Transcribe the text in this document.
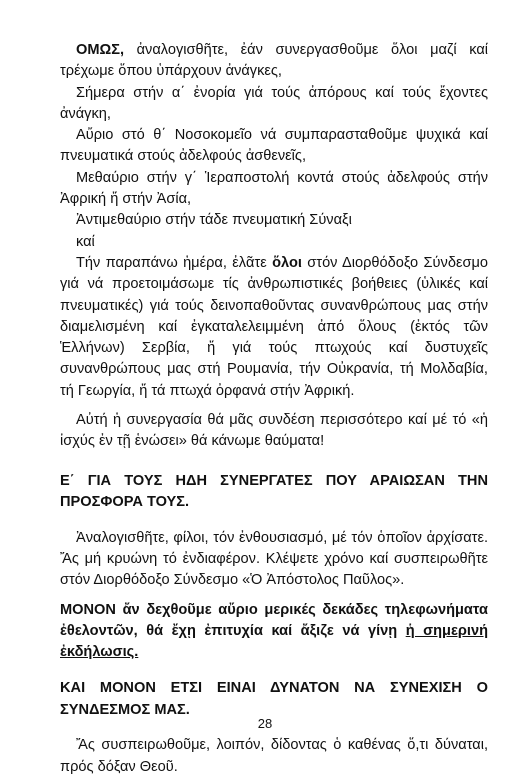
ΟΜΩΣ, ἀναλογισθῆτε, ἐάν συνεργασθοῦμε ὅλοι μαζί καί τρέχωμε ὅπου ὑπάρχουν ἀνάγκες,

Σήμερα στήν α΄ ἐνορία γιά τούς ἀπόρους καί τούς ἔχοντες ἀνάγκη,

Αὔριο στό θ΄ Νοσοκομεῖο νά συμπαρασταθοῦμε ψυχικά καί πνευματικά στούς ἀδελφούς ἀσθενεῖς,

Μεθαύριο στήν γ΄ Ἱεραποστολή κοντά στούς ἀδελφούς στήν Ἀφρική ἤ στήν Ἀσία,

Ἀντιμεθαύριο στήν τάδε πνευματική Σύναξι

καί

Τήν παραπάνω ἡμέρα, ἐλᾶτε ὅλοι στόν Διορθόδοξο Σύνδεσμο γιά νά προετοιμάσωμε τίς ἀνθρωπιστικές βοήθειες (ὑλικές καί πνευματικές) γιά τούς δεινοπαθοῦντας συνανθρώπους μας στήν διαμελισμένη καί ἐγκαταλελειμμένη ἀπό ὅλους (ἐκτός τῶν Ἑλλήνων) Σερβία, ἤ γιά τούς πτωχούς καί δυστυχεῖς συνανθρώπους μας στή Ρουμανία, τήν Οὐκρανία, τή Μολδαβία, τή Γεωργία, ἤ τά πτωχά ὀρφανά στήν Ἀφρική.

Αὐτή ἡ συνεργασία θά μᾶς συνδέση περισσότερο καί μέ τό «ἡ ἰσχύς ἐν τῇ ἑνώσει» θά κάνωμε θαύματα!

Ε΄ ΓΙΑ ΤΟΥΣ ΗΔΗ ΣΥΝΕΡΓΑΤΕΣ ΠΟΥ ΑΡΑΙΩΣΑΝ ΤΗΝ ΠΡΟΣΦΟΡΑ ΤΟΥΣ.

Ἀναλογισθῆτε, φίλοι, τόν ἐνθουσιασμό, μέ τόν ὁποῖον ἀρχίσατε. Ἄς μή κρυώνη τό ἐνδιαφέρον. Κλέψετε χρόνο καί συσπειρωθῆτε στόν Διορθόδοξο Σύνδεσμο «Ὁ Ἀπόστολος Παῦλος».

ΜΟΝΟΝ ἄν δεχθοῦμε αὔριο μερικές δεκάδες τηλεφωνήματα ἐθελοντῶν, θά ἔχῃ ἐπιτυχία καί ἄξιζε νά γίνῃ ἡ σημερινή ἐκδήλωσις.

ΚΑΙ ΜΟΝΟΝ ΕΤΣΙ ΕΙΝΑΙ ΔΥΝΑΤΟΝ ΝΑ ΣΥΝΕΧΙΣΗ Ο ΣΥΝΔΕΣΜΟΣ ΜΑΣ.

Ἄς συσπειρωθοῦμε, λοιπόν, δίδοντας ὁ καθένας ὅ,τι δύναται, πρός δόξαν Θεοῦ.

28
